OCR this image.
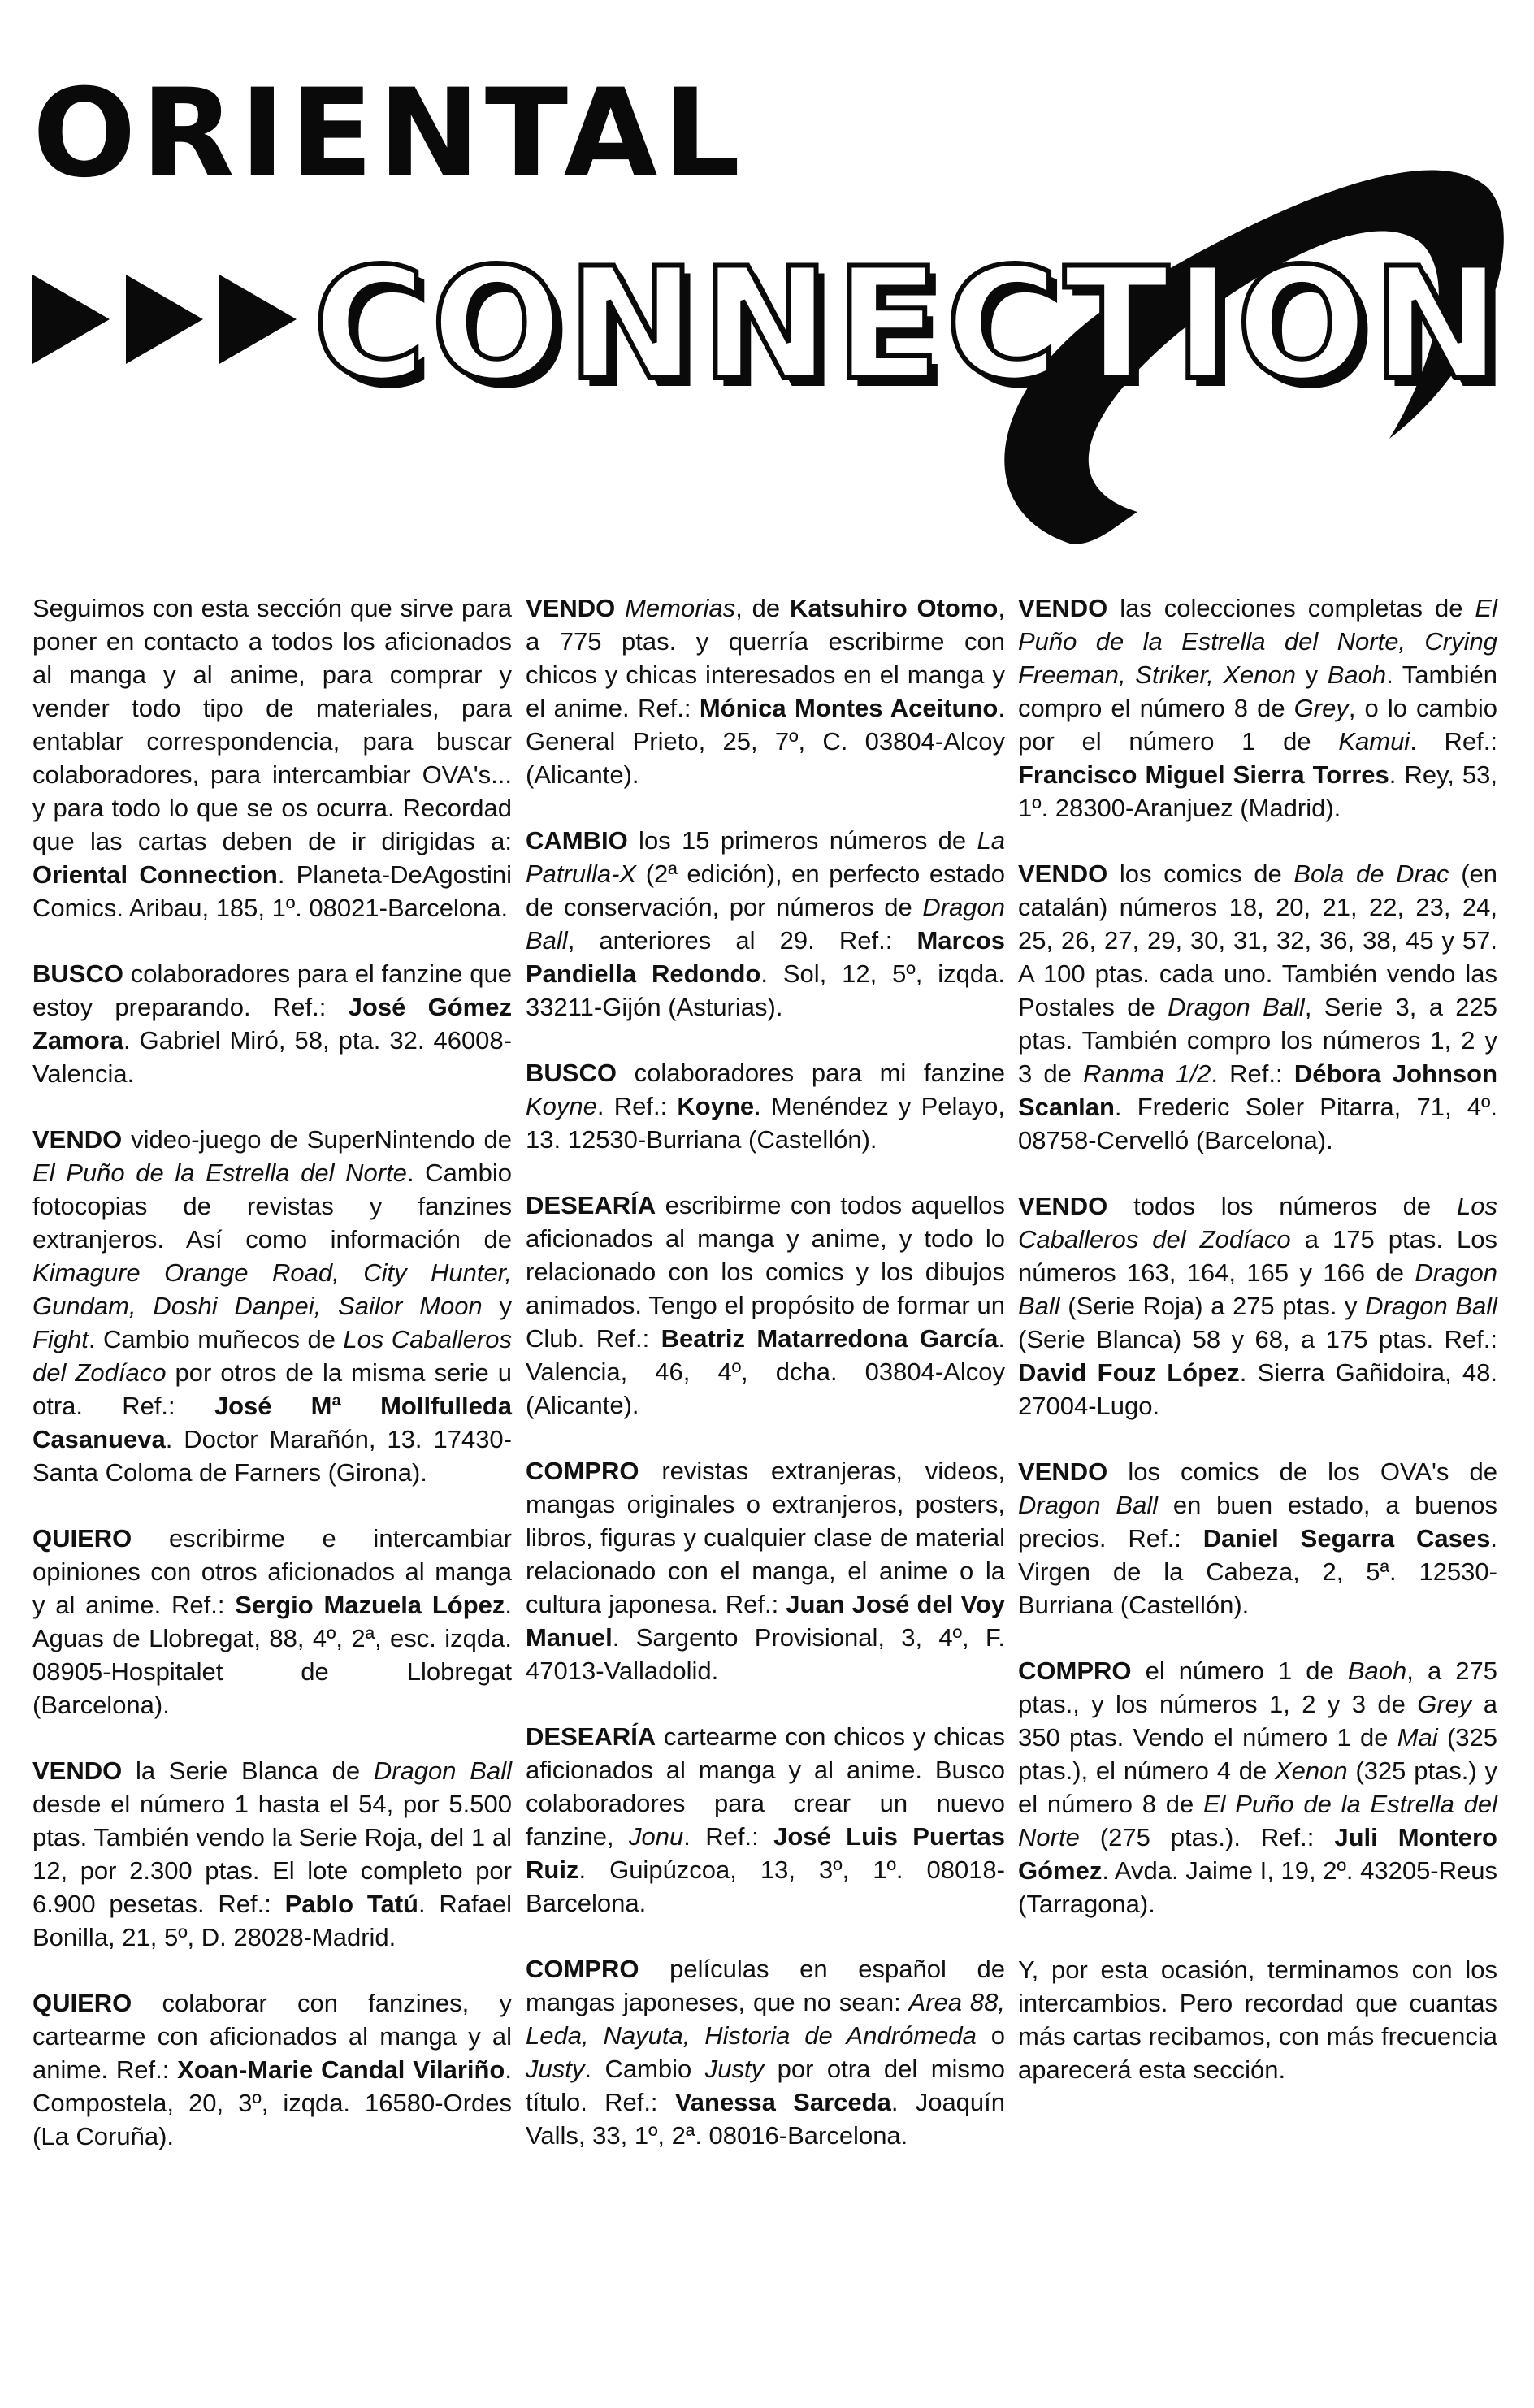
ORIENTAL
CONNECTION

Seguimos con esta sección que sirve para poner en contacto a todos los aficionados al manga y al anime, para comprar y vender todo tipo de materiales, para entablar correspondencia, para buscar colaboradores, para intercambiar OVA's... y para todo lo que se os ocurra. Recordad que las cartas deben de ir dirigidas a: Oriental Connection. Planeta-DeAgostini Comics. Aribau, 185, 1º. 08021-Barcelona.

BUSCO colaboradores para el fanzine que estoy preparando. Ref.: José Gómez Zamora. Gabriel Miró, 58, pta. 32. 46008-Valencia.

VENDO video-juego de SuperNintendo de El Puño de la Estrella del Norte. Cambio fotocopias de revistas y fanzines extranjeros. Así como información de Kimagure Orange Road, City Hunter, Gundam, Doshi Danpei, Sailor Moon y Fight. Cambio muñecos de Los Caballeros del Zodíaco por otros de la misma serie u otra. Ref.: José Mª Mollfulleda Casanueva. Doctor Marañón, 13. 17430-Santa Coloma de Farners (Girona).

QUIERO escribirme e intercambiar opiniones con otros aficionados al manga y al anime. Ref.: Sergio Mazuela López. Aguas de Llobregat, 88, 4º, 2ª, esc. izqda. 08905-Hospitalet de Llobregat (Barcelona).

VENDO la Serie Blanca de Dragon Ball desde el número 1 hasta el 54, por 5.500 ptas. También vendo la Serie Roja, del 1 al 12, por 2.300 ptas. El lote completo por 6.900 pesetas. Ref.: Pablo Tatú. Rafael Bonilla, 21, 5º, D. 28028-Madrid.

QUIERO colaborar con fanzines, y cartearme con aficionados al manga y al anime. Ref.: Xoan-Marie Candal Vilariño. Compostela, 20, 3º, izqda. 16580-Ordes (La Coruña).

VENDO Memorias, de Katsuhiro Otomo, a 775 ptas. y querría escribirme con chicos y chicas interesados en el manga y el anime. Ref.: Mónica Montes Aceituno. General Prieto, 25, 7º, C. 03804-Alcoy (Alicante).

CAMBIO los 15 primeros números de La Patrulla-X (2ª edición), en perfecto estado de conservación, por números de Dragon Ball, anteriores al 29. Ref.: Marcos Pandiella Redondo. Sol, 12, 5º, izqda. 33211-Gijón (Asturias).

BUSCO colaboradores para mi fanzine Koyne. Ref.: Koyne. Menéndez y Pelayo, 13. 12530-Burriana (Castellón).

DESEARÍA escribirme con todos aquellos aficionados al manga y anime, y todo lo relacionado con los comics y los dibujos animados. Tengo el propósito de formar un Club. Ref.: Beatriz Matarredona García. Valencia, 46, 4º, dcha. 03804-Alcoy (Alicante).

COMPRO revistas extranjeras, videos, mangas originales o extranjeros, posters, libros, figuras y cualquier clase de material relacionado con el manga, el anime o la cultura japonesa. Ref.: Juan José del Voy Manuel. Sargento Provisional, 3, 4º, F. 47013-Valladolid.

DESEARÍA cartearme con chicos y chicas aficionados al manga y al anime. Busco colaboradores para crear un nuevo fanzine, Jonu. Ref.: José Luis Puertas Ruiz. Guipúzcoa, 13, 3º, 1º. 08018-Barcelona.

COMPRO películas en español de mangas japoneses, que no sean: Area 88, Leda, Nayuta, Historia de Andrómeda o Justy. Cambio Justy por otra del mismo título. Ref.: Vanessa Sarceda. Joaquín Valls, 33, 1º, 2ª. 08016-Barcelona.

VENDO las colecciones completas de El Puño de la Estrella del Norte, Crying Freeman, Striker, Xenon y Baoh. También compro el número 8 de Grey, o lo cambio por el número 1 de Kamui. Ref.: Francisco Miguel Sierra Torres. Rey, 53, 1º. 28300-Aranjuez (Madrid).

VENDO los comics de Bola de Drac (en catalán) números 18, 20, 21, 22, 23, 24, 25, 26, 27, 29, 30, 31, 32, 36, 38, 45 y 57. A 100 ptas. cada uno. También vendo las Postales de Dragon Ball, Serie 3, a 225 ptas. También compro los números 1, 2 y 3 de Ranma 1/2. Ref.: Débora Johnson Scanlan. Frederic Soler Pitarra, 71, 4º. 08758-Cervelló (Barcelona).

VENDO todos los números de Los Caballeros del Zodíaco a 175 ptas. Los números 163, 164, 165 y 166 de Dragon Ball (Serie Roja) a 275 ptas. y Dragon Ball (Serie Blanca) 58 y 68, a 175 ptas. Ref.: David Fouz López. Sierra Gañidoira, 48. 27004-Lugo.

VENDO los comics de los OVA's de Dragon Ball en buen estado, a buenos precios. Ref.: Daniel Segarra Cases. Virgen de la Cabeza, 2, 5ª. 12530-Burriana (Castellón).

COMPRO el número 1 de Baoh, a 275 ptas., y los números 1, 2 y 3 de Grey a 350 ptas. Vendo el número 1 de Mai (325 ptas.), el número 4 de Xenon (325 ptas.) y el número 8 de El Puño de la Estrella del Norte (275 ptas.). Ref.: Juli Montero Gómez. Avda. Jaime I, 19, 2º. 43205-Reus (Tarragona).

Y, por esta ocasión, terminamos con los intercambios. Pero recordad que cuantas más cartas recibamos, con más frecuencia aparecerá esta sección.
